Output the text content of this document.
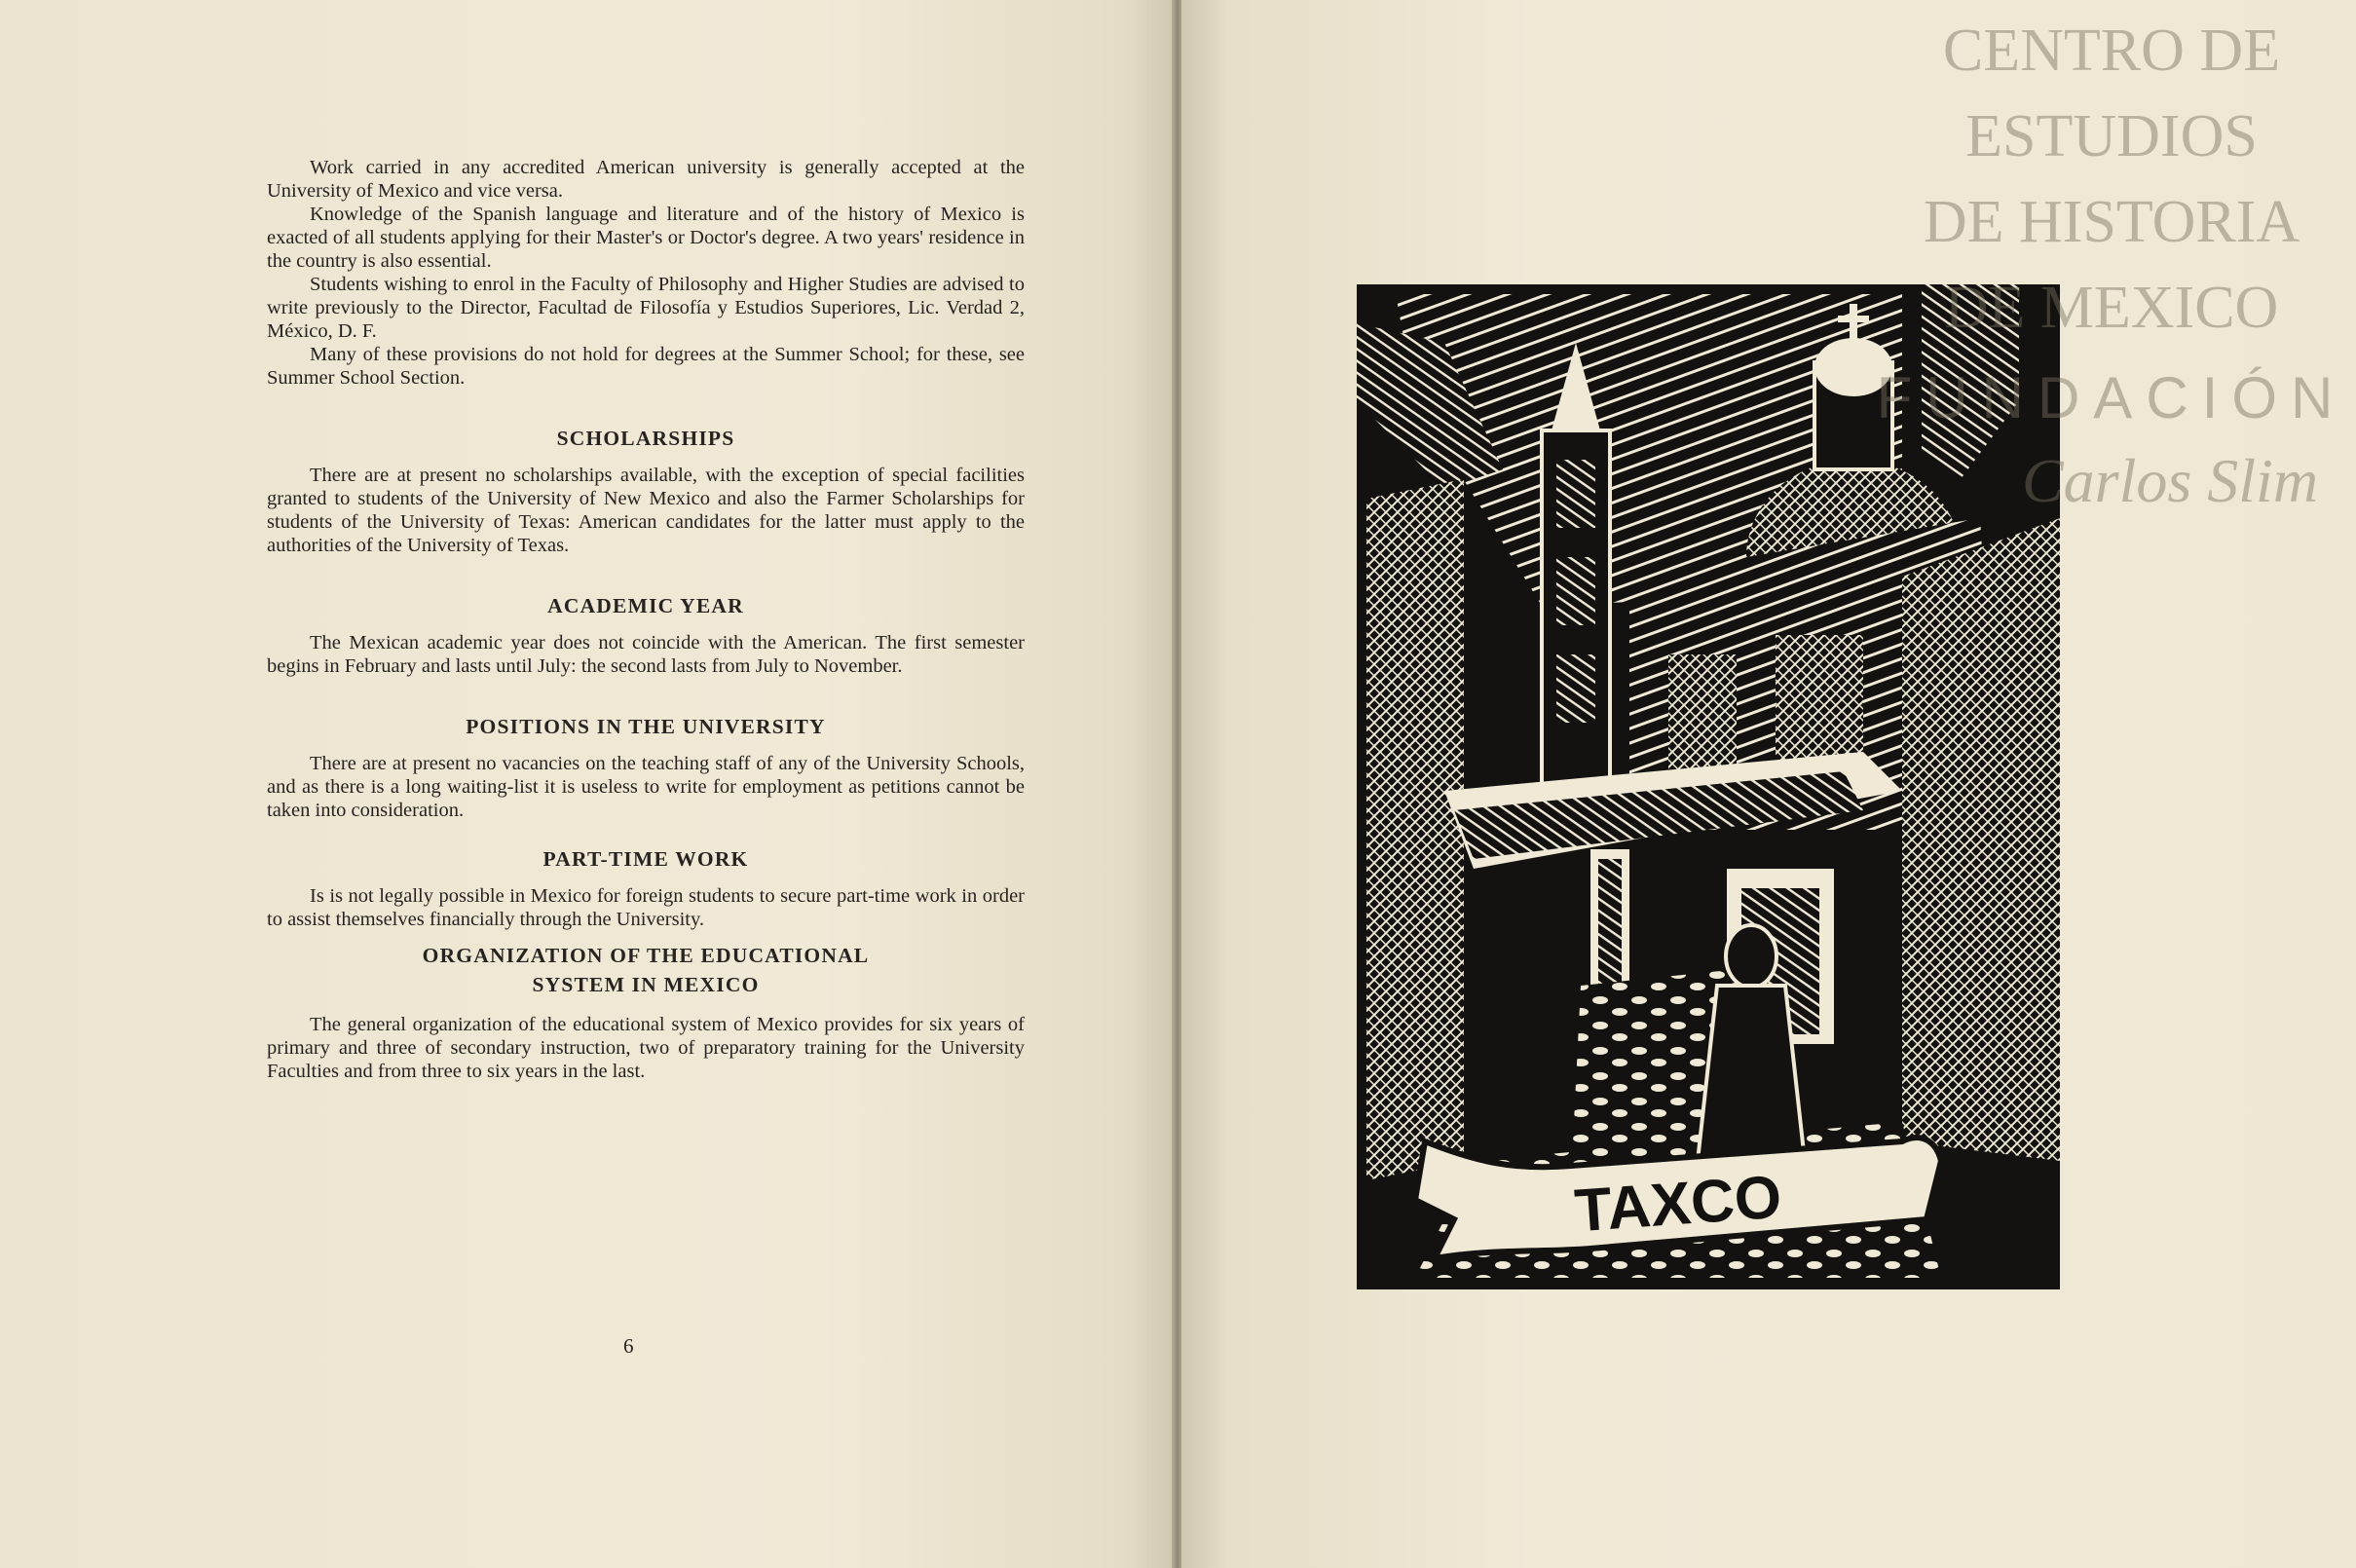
Work carried in any accredited American university is generally accepted at the University of Mexico and vice versa.

Knowledge of the Spanish language and literature and of the history of Mexico is exacted of all students applying for their Master's or Doctor's degree. A two years' residence in the country is also essential.

Students wishing to enrol in the Faculty of Philosophy and Higher Studies are advised to write previously to the Director, Facultad de Filosofía y Estudios Superiores, Lic. Verdad 2, México, D. F.

Many of these provisions do not hold for degrees at the Summer School; for these, see Summer School Section.

SCHOLARSHIPS

There are at present no scholarships available, with the exception of special facilities granted to students of the University of New Mexico and also the Farmer Scholarships for students of the University of Texas: American candidates for the latter must apply to the authorities of the University of Texas.

ACADEMIC YEAR

The Mexican academic year does not coincide with the American. The first semester begins in February and lasts until July: the second lasts from July to November.

POSITIONS IN THE UNIVERSITY

There are at present no vacancies on the teaching staff of any of the University Schools, and as there is a long waiting-list it is useless to write for employment as petitions cannot be taken into consideration.

PART-TIME WORK

Is is not legally possible in Mexico for foreign students to secure part-time work in order to assist themselves financially through the University.

ORGANIZATION OF THE EDUCATIONAL
SYSTEM IN MEXICO

The general organization of the educational system of Mexico provides for six years of primary and three of secondary instruction, two of preparatory training for the University Faculties and from three to six years in the last.

6
TAXCO
CENTRO DE
ESTUDIOS
DE HISTORIA
DE MEXICO
FUNDACIÓN
Carlos Slim
